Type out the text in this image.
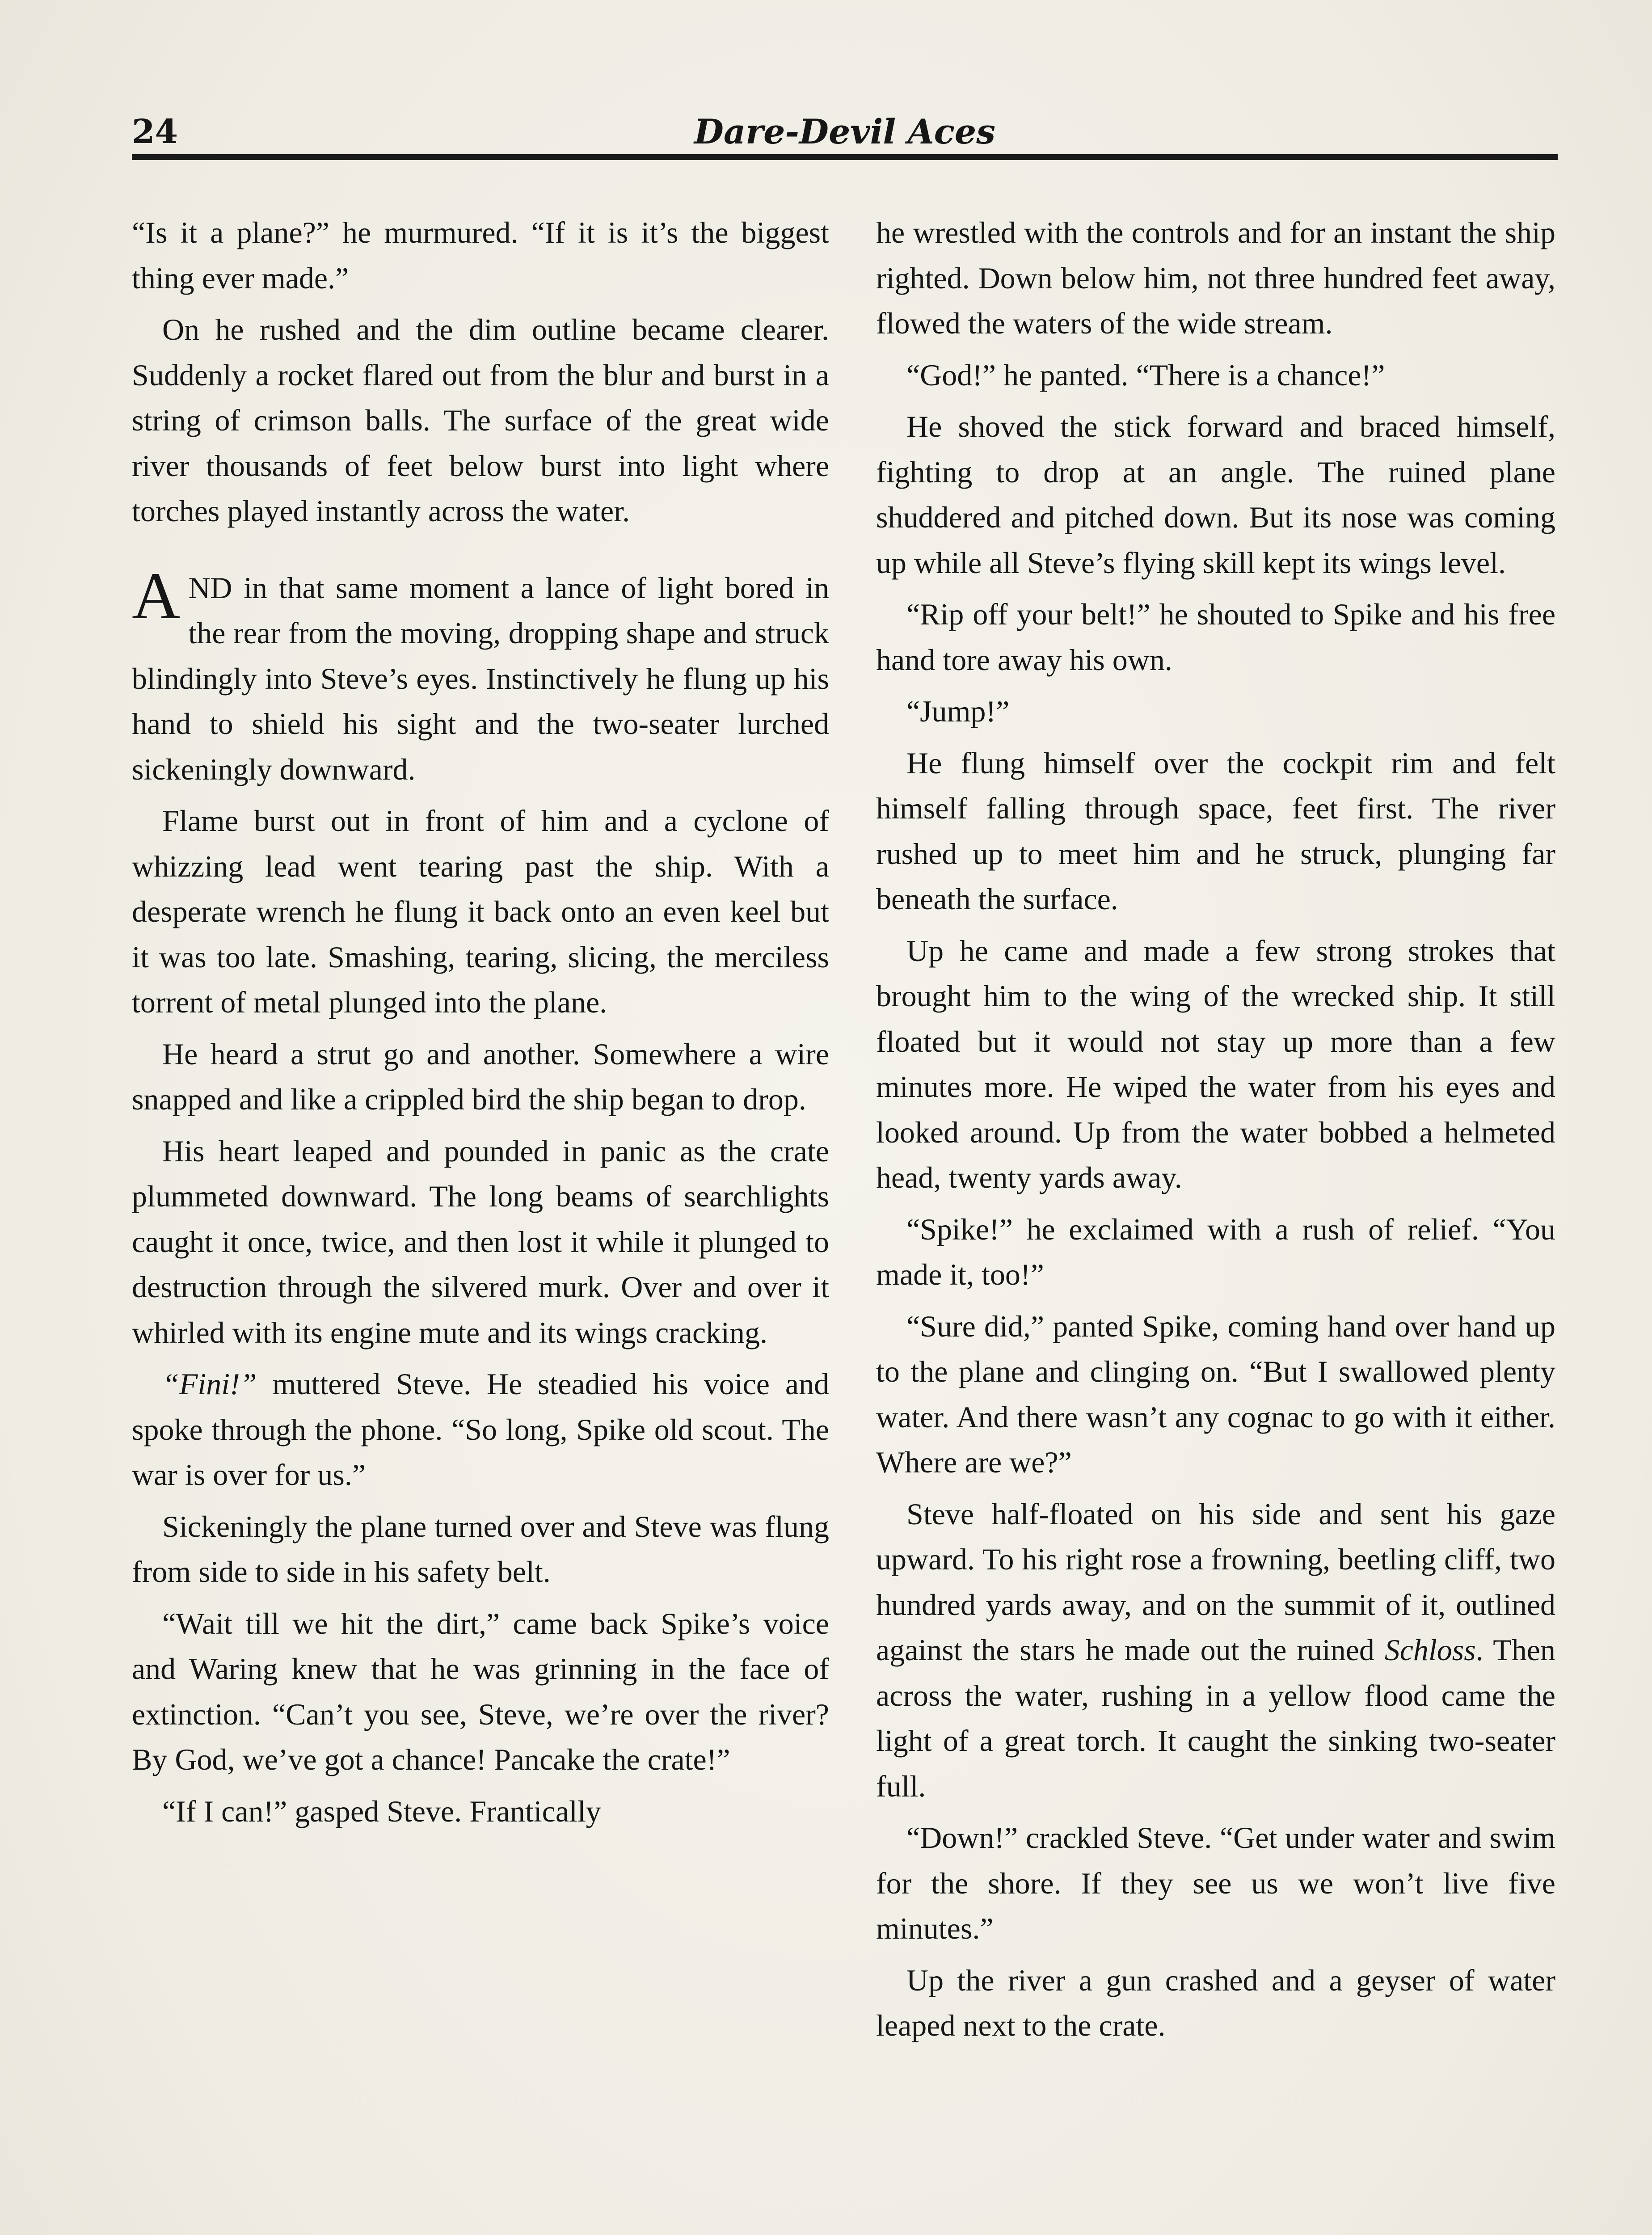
24	Dare-Devil Aces

“Is it a plane?” he murmured. “If it is it’s the biggest thing ever made.”

On he rushed and the dim outline became clearer. Suddenly a rocket flared out from the blur and burst in a string of crimson balls. The surface of the great wide river thousands of feet below burst into light where torches played instantly across the water.

AND in that same moment a lance of light bored in the rear from the moving, dropping shape and struck blindingly into Steve’s eyes. Instinctively he flung up his hand to shield his sight and the two-seater lurched sickeningly downward.

Flame burst out in front of him and a cyclone of whizzing lead went tearing past the ship. With a desperate wrench he flung it back onto an even keel but it was too late. Smashing, tearing, slicing, the merciless torrent of metal plunged into the plane.

He heard a strut go and another. Somewhere a wire snapped and like a crippled bird the ship began to drop.

His heart leaped and pounded in panic as the crate plummeted downward. The long beams of searchlights caught it once, twice, and then lost it while it plunged to destruction through the silvered murk. Over and over it whirled with its engine mute and its wings cracking.

“Fini!” muttered Steve. He steadied his voice and spoke through the phone. “So long, Spike old scout. The war is over for us.”

Sickeningly the plane turned over and Steve was flung from side to side in his safety belt.

“Wait till we hit the dirt,” came back Spike’s voice and Waring knew that he was grinning in the face of extinction. “Can’t you see, Steve, we’re over the river? By God, we’ve got a chance! Pancake the crate!”

“If I can!” gasped Steve. Frantically

he wrestled with the controls and for an instant the ship righted. Down below him, not three hundred feet away, flowed the waters of the wide stream.

“God!” he panted. “There is a chance!”

He shoved the stick forward and braced himself, fighting to drop at an angle. The ruined plane shuddered and pitched down. But its nose was coming up while all Steve’s flying skill kept its wings level.

“Rip off your belt!” he shouted to Spike and his free hand tore away his own.

“Jump!”

He flung himself over the cockpit rim and felt himself falling through space, feet first. The river rushed up to meet him and he struck, plunging far beneath the surface.

Up he came and made a few strong strokes that brought him to the wing of the wrecked ship. It still floated but it would not stay up more than a few minutes more. He wiped the water from his eyes and looked around. Up from the water bobbed a helmeted head, twenty yards away.

“Spike!” he exclaimed with a rush of relief. “You made it, too!”

“Sure did,” panted Spike, coming hand over hand up to the plane and clinging on. “But I swallowed plenty water. And there wasn’t any cognac to go with it either. Where are we?”

Steve half-floated on his side and sent his gaze upward. To his right rose a frowning, beetling cliff, two hundred yards away, and on the summit of it, outlined against the stars he made out the ruined Schloss. Then across the water, rushing in a yellow flood came the light of a great torch. It caught the sinking two-seater full.

“Down!” crackled Steve. “Get under water and swim for the shore. If they see us we won’t live five minutes.”

Up the river a gun crashed and a geyser of water leaped next to the crate.
